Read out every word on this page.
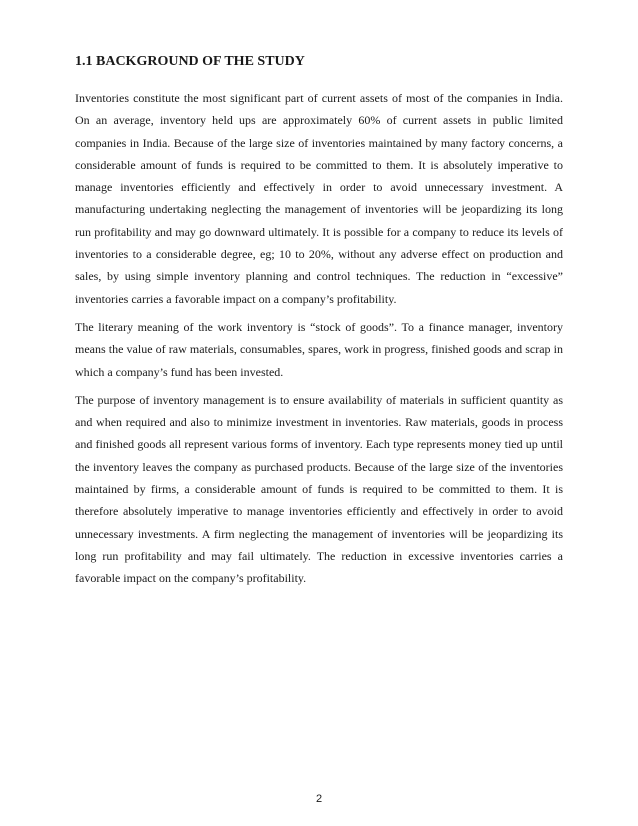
1.1 BACKGROUND OF THE STUDY

Inventories constitute the most significant part of current assets of most of the companies in India. On an average, inventory held ups are approximately 60% of current assets in public limited companies in India. Because of the large size of inventories maintained by many factory concerns, a considerable amount of funds is required to be committed to them. It is absolutely imperative to manage inventories efficiently and effectively in order to avoid unnecessary investment. A manufacturing undertaking neglecting the management of inventories will be jeopardizing its long run profitability and may go downward ultimately. It is possible for a company to reduce its levels of inventories to a considerable degree, eg; 10 to 20%, without any adverse effect on production and sales, by using simple inventory planning and control techniques. The reduction in “excessive” inventories carries a favorable impact on a company’s profitability.

The literary meaning of the work inventory is “stock of goods”. To a finance manager, inventory means the value of raw materials, consumables, spares, work in progress, finished goods and scrap in which a company’s fund has been invested.

The purpose of inventory management is to ensure availability of materials in sufficient quantity as and when required and also to minimize investment in inventories. Raw materials, goods in process and finished goods all represent various forms of inventory. Each type represents money tied up until the inventory leaves the company as purchased products. Because of the large size of the inventories maintained by firms, a considerable amount of funds is required to be committed to them. It is therefore absolutely imperative to manage inventories efficiently and effectively in order to avoid unnecessary investments. A firm neglecting the management of inventories will be jeopardizing its long run profitability and may fail ultimately. The reduction in excessive inventories carries a favorable impact on the company’s profitability.

2
